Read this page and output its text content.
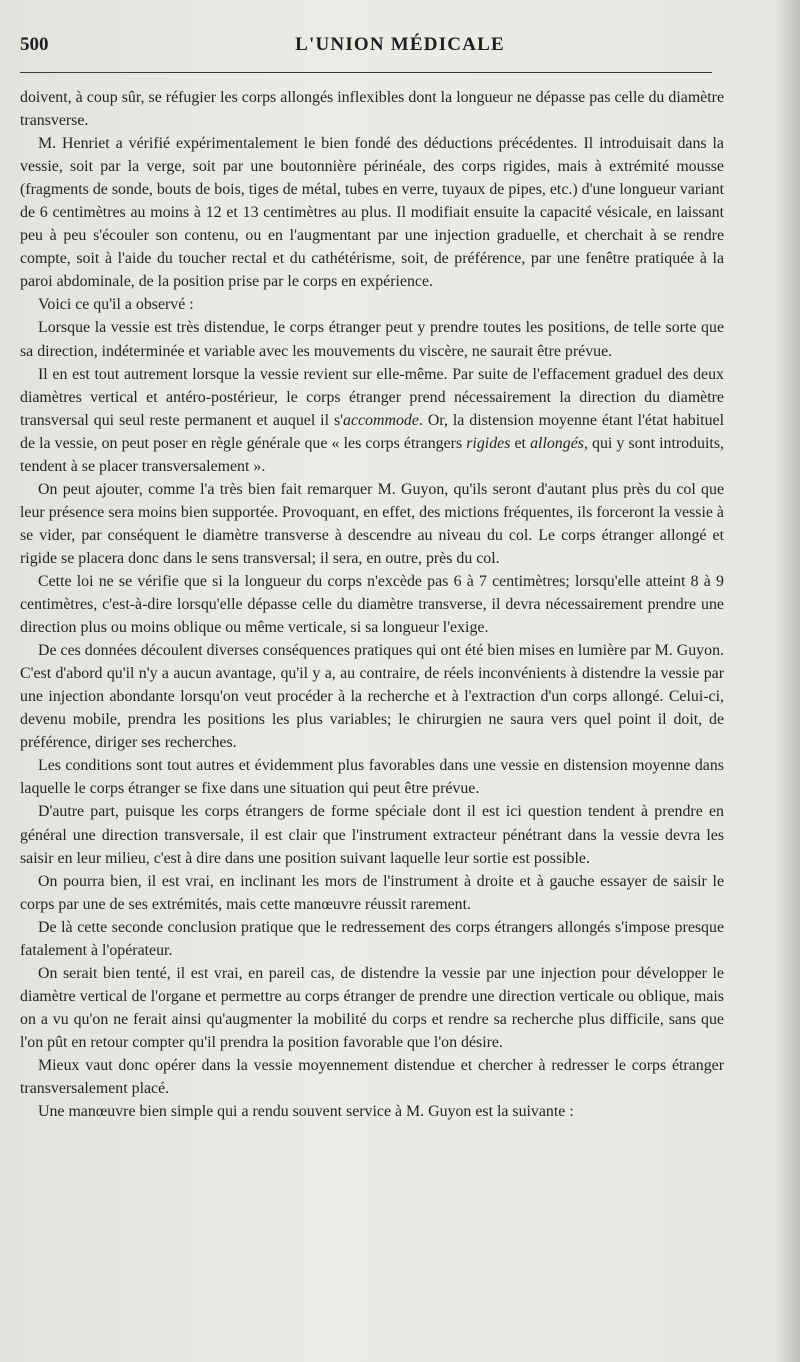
500	L'UNION MÉDICALE

doivent, à coup sûr, se réfugier les corps allongés inflexibles dont la longueur ne dépasse pas celle du diamètre transverse.

M. Henriet a vérifié expérimentalement le bien fondé des déductions précédentes. Il introduisait dans la vessie, soit par la verge, soit par une boutonnière périnéale, des corps rigides, mais à extrémité mousse (fragments de sonde, bouts de bois, tiges de métal, tubes en verre, tuyaux de pipes, etc.) d'une longueur variant de 6 centimètres au moins à 12 et 13 centimètres au plus. Il modifiait ensuite la capacité vésicale, en laissant peu à peu s'écouler son contenu, ou en l'augmentant par une injection graduelle, et cherchait à se rendre compte, soit à l'aide du toucher rectal et du cathétérisme, soit, de préférence, par une fenêtre pratiquée à la paroi abdominale, de la position prise par le corps en expérience.

Voici ce qu'il a observé :

Lorsque la vessie est très distendue, le corps étranger peut y prendre toutes les positions, de telle sorte que sa direction, indéterminée et variable avec les mouvements du viscère, ne saurait être prévue.

Il en est tout autrement lorsque la vessie revient sur elle-même. Par suite de l'effacement graduel des deux diamètres vertical et antéro-postérieur, le corps étranger prend nécessairement la direction du diamètre transversal qui seul reste permanent et auquel il s'accommode. Or, la distension moyenne étant l'état habituel de la vessie, on peut poser en règle générale que « les corps étrangers rigides et allongés, qui y sont introduits, tendent à se placer transversalement ».

On peut ajouter, comme l'a très bien fait remarquer M. Guyon, qu'ils seront d'autant plus près du col que leur présence sera moins bien supportée. Provoquant, en effet, des mictions fréquentes, ils forceront la vessie à se vider, par conséquent le diamètre transverse à descendre au niveau du col. Le corps étranger allongé et rigide se placera donc dans le sens transversal; il sera, en outre, près du col.

Cette loi ne se vérifie que si la longueur du corps n'excède pas 6 à 7 centimètres; lorsqu'elle atteint 8 à 9 centimètres, c'est-à-dire lorsqu'elle dépasse celle du diamètre transverse, il devra nécessairement prendre une direction plus ou moins oblique ou même verticale, si sa longueur l'exige.

De ces données découlent diverses conséquences pratiques qui ont été bien mises en lumière par M. Guyon. C'est d'abord qu'il n'y a aucun avantage, qu'il y a, au contraire, de réels inconvénients à distendre la vessie par une injection abondante lorsqu'on veut procéder à la recherche et à l'extraction d'un corps allongé. Celui-ci, devenu mobile, prendra les positions les plus variables; le chirurgien ne saura vers quel point il doit, de préférence, diriger ses recherches.

Les conditions sont tout autres et évidemment plus favorables dans une vessie en distension moyenne dans laquelle le corps étranger se fixe dans une situation qui peut être prévue.

D'autre part, puisque les corps étrangers de forme spéciale dont il est ici question tendent à prendre en général une direction transversale, il est clair que l'instrument extracteur pénétrant dans la vessie devra les saisir en leur milieu, c'est à dire dans une position suivant laquelle leur sortie est possible.

On pourra bien, il est vrai, en inclinant les mors de l'instrument à droite et à gauche essayer de saisir le corps par une de ses extrémités, mais cette manœuvre réussit rarement.

De là cette seconde conclusion pratique que le redressement des corps étrangers allongés s'impose presque fatalement à l'opérateur.

On serait bien tenté, il est vrai, en pareil cas, de distendre la vessie par une injection pour développer le diamètre vertical de l'organe et permettre au corps étranger de prendre une direction verticale ou oblique, mais on a vu qu'on ne ferait ainsi qu'augmenter la mobilité du corps et rendre sa recherche plus difficile, sans que l'on pût en retour compter qu'il prendra la position favorable que l'on désire.

Mieux vaut donc opérer dans la vessie moyennement distendue et chercher à redresser le corps étranger transversalement placé.

Une manœuvre bien simple qui a rendu souvent service à M. Guyon est la suivante :
